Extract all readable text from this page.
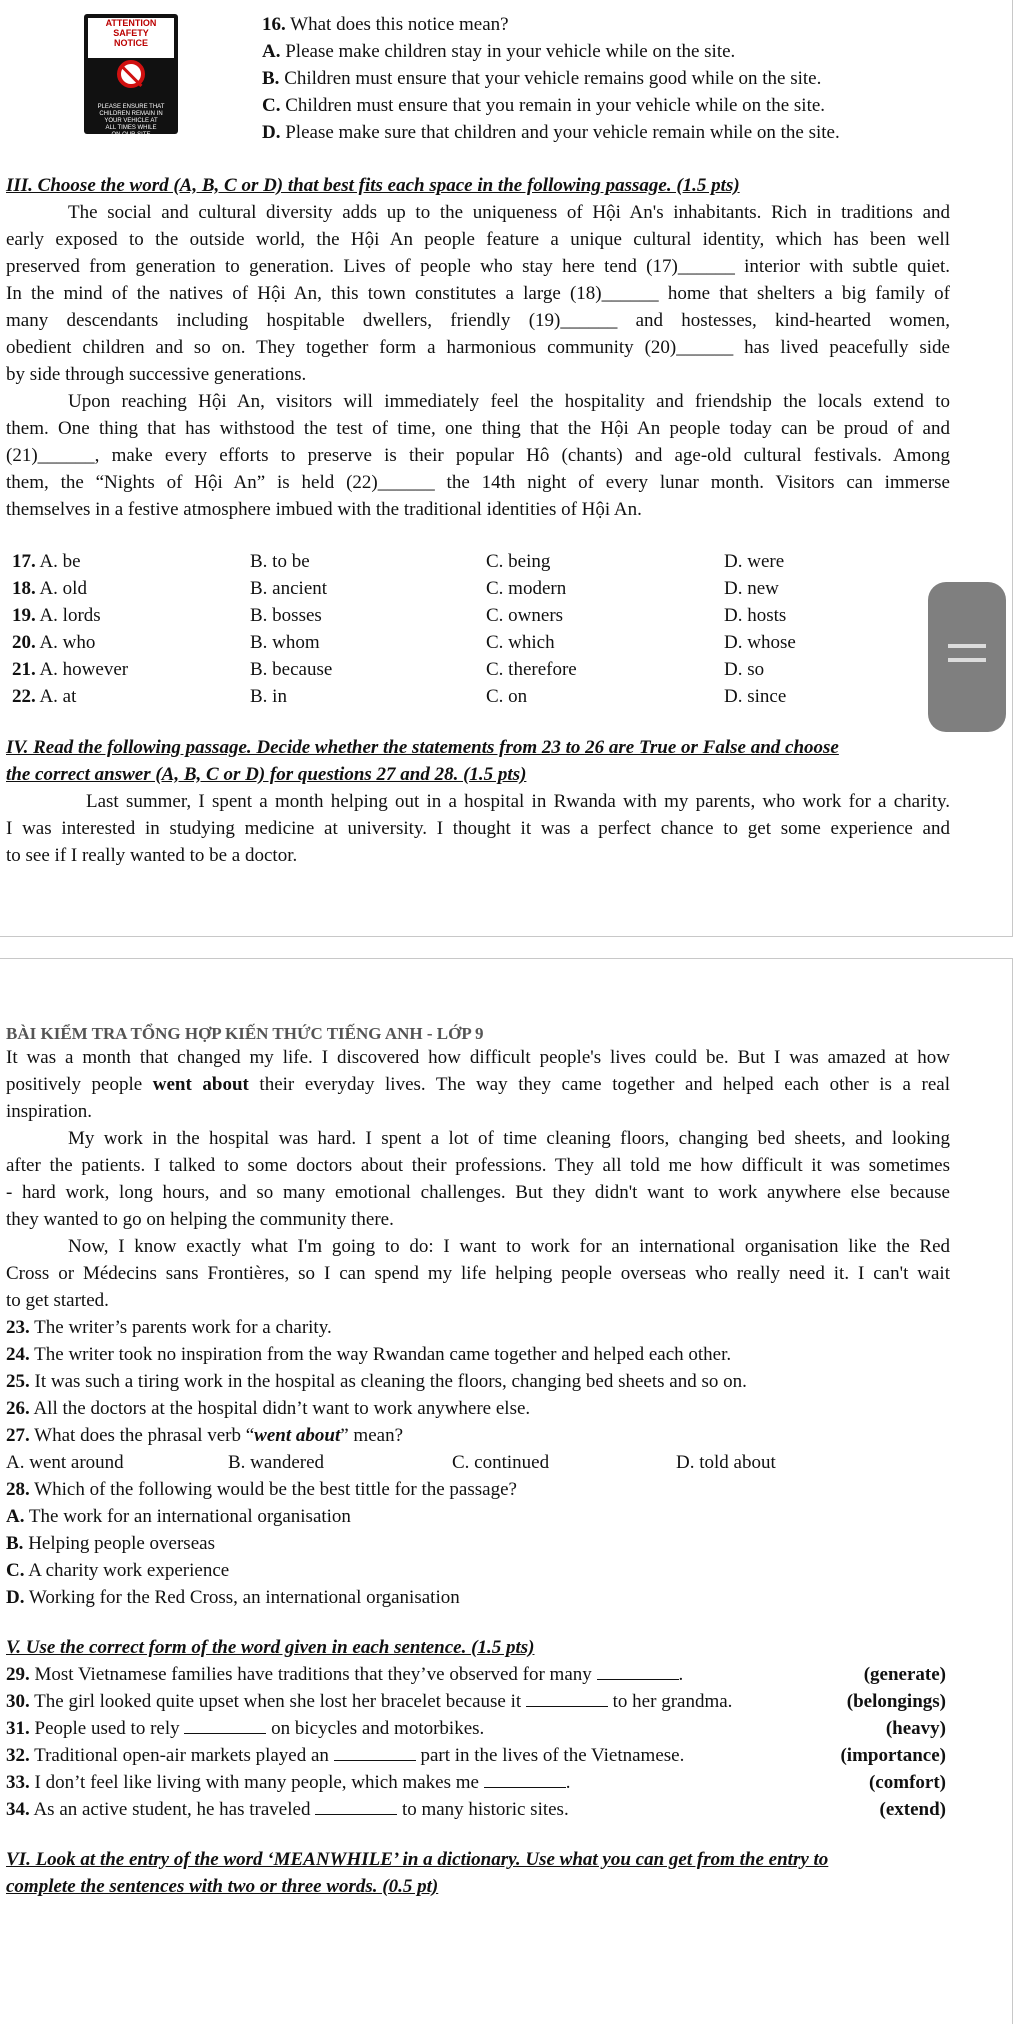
ATTENTION
SAFETY
NOTICE
PLEASE ENSURE THAT
CHILDREN REMAIN IN
YOUR VEHICLE AT
ALL TIMES WHILE
ON OUR SITE
16. What does this notice mean?
A. Please make children stay in your vehicle while on the site.
B. Children must ensure that your vehicle remains good while on the site.
C. Children must ensure that you remain in your vehicle while on the site.
D. Please make sure that children and your vehicle remain while on the site.
III. Choose the word (A, B, C or D) that best fits each space in the following passage. (1.5 pts)
The social and cultural diversity adds up to the uniqueness of Hội An's inhabitants. Rich in traditions and
early exposed to the outside world, the Hội An people feature a unique cultural identity, which has been well
preserved from generation to generation. Lives of people who stay here tend (17)______ interior with subtle quiet.
In the mind of the natives of Hội An, this town constitutes a large (18)______ home that shelters a big family of
many descendants including hospitable dwellers, friendly (19)______ and hostesses, kind-hearted women,
obedient children and so on. They together form a harmonious community (20)______ has lived peacefully side
by side through successive generations.
Upon reaching Hội An, visitors will immediately feel the hospitality and friendship the locals extend to
them. One thing that has withstood the test of time, one thing that the Hội An people today can be proud of and
(21)______, make every efforts to preserve is their popular Hô (chants) and age-old cultural festivals. Among
them, the “Nights of Hội An” is held (22)______ the 14th night of every lunar month. Visitors can immerse
themselves in a festive atmosphere imbued with the traditional identities of Hội An.
17. A. be	B. to be	C. being	D. were
18. A. old	B. ancient	C. modern	D. new
19. A. lords	B. bosses	C. owners	D. hosts
20. A. who	B. whom	C. which	D. whose
21. A. however	B. because	C. therefore	D. so
22. A. at	B. in	C. on	D. since
IV. Read the following passage. Decide whether the statements from 23 to 26 are True or False and choose
the correct answer (A, B, C or D) for questions 27 and 28. (1.5 pts)
Last summer, I spent a month helping out in a hospital in Rwanda with my parents, who work for a charity.
I was interested in studying medicine at university. I thought it was a perfect chance to get some experience and
to see if I really wanted to be a doctor.
BÀI KIỂM TRA TỔNG HỢP KIẾN THỨC TIẾNG ANH - LỚP 9
It was a month that changed my life. I discovered how difficult people's lives could be. But I was amazed at how
positively people went about their everyday lives. The way they came together and helped each other is a real
inspiration.
My work in the hospital was hard. I spent a lot of time cleaning floors, changing bed sheets, and looking
after the patients. I talked to some doctors about their professions. They all told me how difficult it was sometimes
- hard work, long hours, and so many emotional challenges. But they didn't want to work anywhere else because
they wanted to go on helping the community there.
Now, I know exactly what I'm going to do: I want to work for an international organisation like the Red
Cross or Médecins sans Frontières, so I can spend my life helping people overseas who really need it. I can't wait
to get started.
23. The writer’s parents work for a charity.
24. The writer took no inspiration from the way Rwandan came together and helped each other.
25. It was such a tiring work in the hospital as cleaning the floors, changing bed sheets and so on.
26. All the doctors at the hospital didn’t want to work anywhere else.
27. What does the phrasal verb “went about” mean?
A. went around	B. wandered	C. continued	D. told about
28. Which of the following would be the best tittle for the passage?
A. The work for an international organisation
B. Helping people overseas
C. A charity work experience
D. Working for the Red Cross, an international organisation
V. Use the correct form of the word given in each sentence. (1.5 pts)
29. Most Vietnamese families have traditions that they’ve observed for many	.	(generate)
30. The girl looked quite upset when she lost her bracelet because it	to her grandma.	(belongings)
31. People used to rely	on bicycles and motorbikes.	(heavy)
32. Traditional open-air markets played an	part in the lives of the Vietnamese.	(importance)
33. I don’t feel like living with many people, which makes me	.	(comfort)
34. As an active student, he has traveled	to many historic sites.	(extend)
VI. Look at the entry of the word ‘MEANWHILE’ in a dictionary. Use what you can get from the entry to
complete the sentences with two or three words. (0.5 pt)
